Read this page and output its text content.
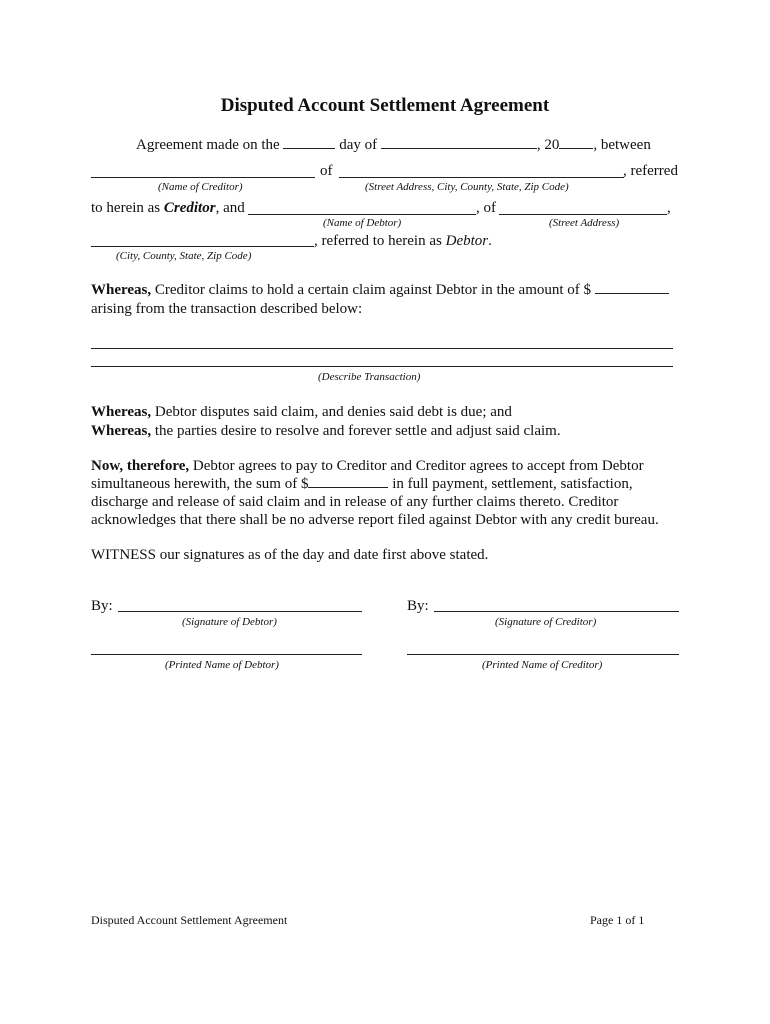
Disputed Account Settlement Agreement
Agreement made on the	day of	, 20 , between
of	, referred
(Name of Creditor)	(Street Address, City, County, State, Zip Code)
to herein as Creditor, and	, of	,
(Name of Debtor)	(Street Address)
, referred to herein as Debtor.
(City, County, State, Zip Code)
Whereas, Creditor claims to hold a certain claim against Debtor in the amount of $
arising from the transaction described below:
(Describe Transaction)
Whereas, Debtor disputes said claim, and denies said debt is due; and
Whereas, the parties desire to resolve and forever settle and adjust said claim.
Now, therefore, Debtor agrees to pay to Creditor and Creditor agrees to accept from Debtor
simultaneous herewith, the sum of $	in full payment, settlement, satisfaction,
discharge and release of said claim and in release of any further claims thereto. Creditor
acknowledges that there shall be no adverse report filed against Debtor with any credit bureau.
WITNESS our signatures as of the day and date first above stated.
By:
(Signature of Debtor)
By:
(Signature of Creditor)
(Printed Name of Debtor)	(Printed Name of Creditor)
Disputed Account Settlement Agreement	Page 1 of 1
